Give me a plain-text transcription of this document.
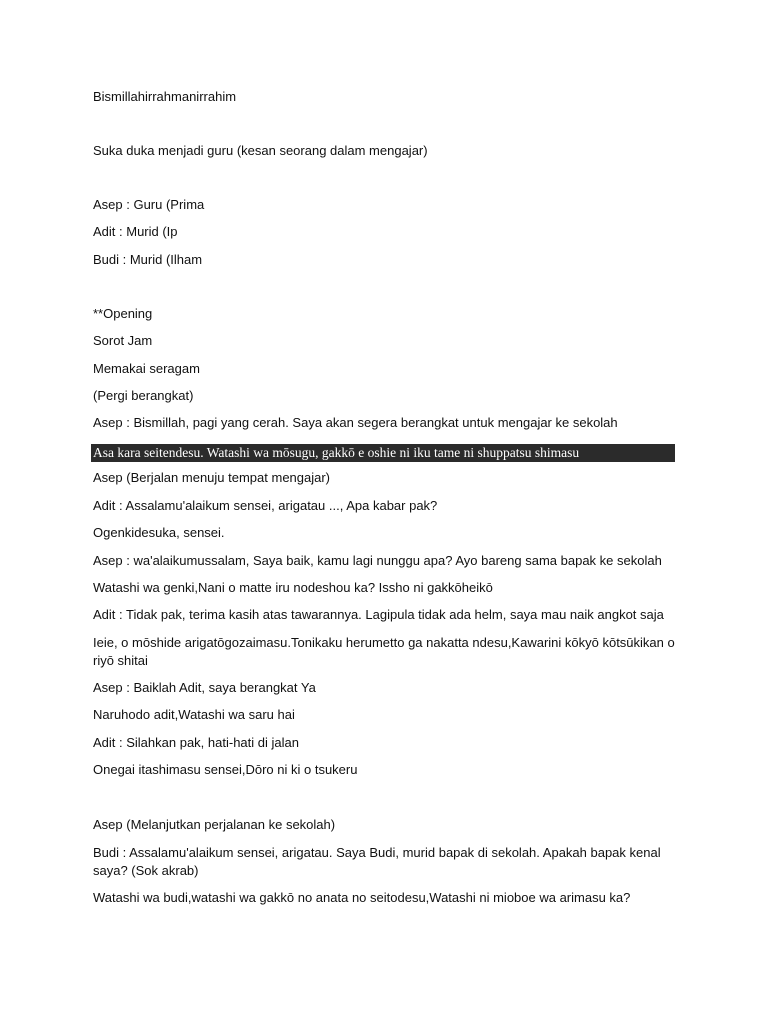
Bismillahirrahmanirrahim
Suka duka menjadi guru (kesan seorang dalam mengajar)
Asep : Guru (Prima
Adit : Murid (Ip
Budi : Murid (Ilham
**Opening
Sorot Jam
Memakai seragam
(Pergi berangkat)
Asep : Bismillah, pagi yang cerah. Saya akan segera berangkat untuk mengajar ke sekolah
Asa kara seitendesu. Watashi wa mōsugu, gakkō e oshie ni iku tame ni shuppatsu shimasu
Asep (Berjalan menuju tempat mengajar)
Adit : Assalamu'alaikum sensei, arigatau ..., Apa kabar pak?
Ogenkidesuka, sensei.
Asep : wa'alaikumussalam, Saya baik, kamu lagi nunggu apa? Ayo bareng sama bapak ke sekolah
Watashi wa genki,Nani o matte iru nodeshou ka? Issho ni gakkōheikō
Adit : Tidak pak, terima kasih atas tawarannya. Lagipula tidak ada helm, saya mau naik angkot saja
Ieie, o mōshide arigatōgozaimasu.Tonikaku herumetto ga nakatta ndesu,Kawarini kōkyō kōtsūkikan o riyō shitai
Asep : Baiklah Adit, saya berangkat Ya
Naruhodo adit,Watashi wa saru hai
Adit : Silahkan pak, hati-hati di jalan
Onegai itashimasu sensei,Dōro ni ki o tsukeru
Asep (Melanjutkan perjalanan ke sekolah)
Budi : Assalamu'alaikum sensei, arigatau. Saya Budi, murid bapak di sekolah. Apakah bapak kenal saya? (Sok akrab)
Watashi wa budi,watashi wa gakkō no anata no seitodesu,Watashi ni mioboe wa arimasu ka?
